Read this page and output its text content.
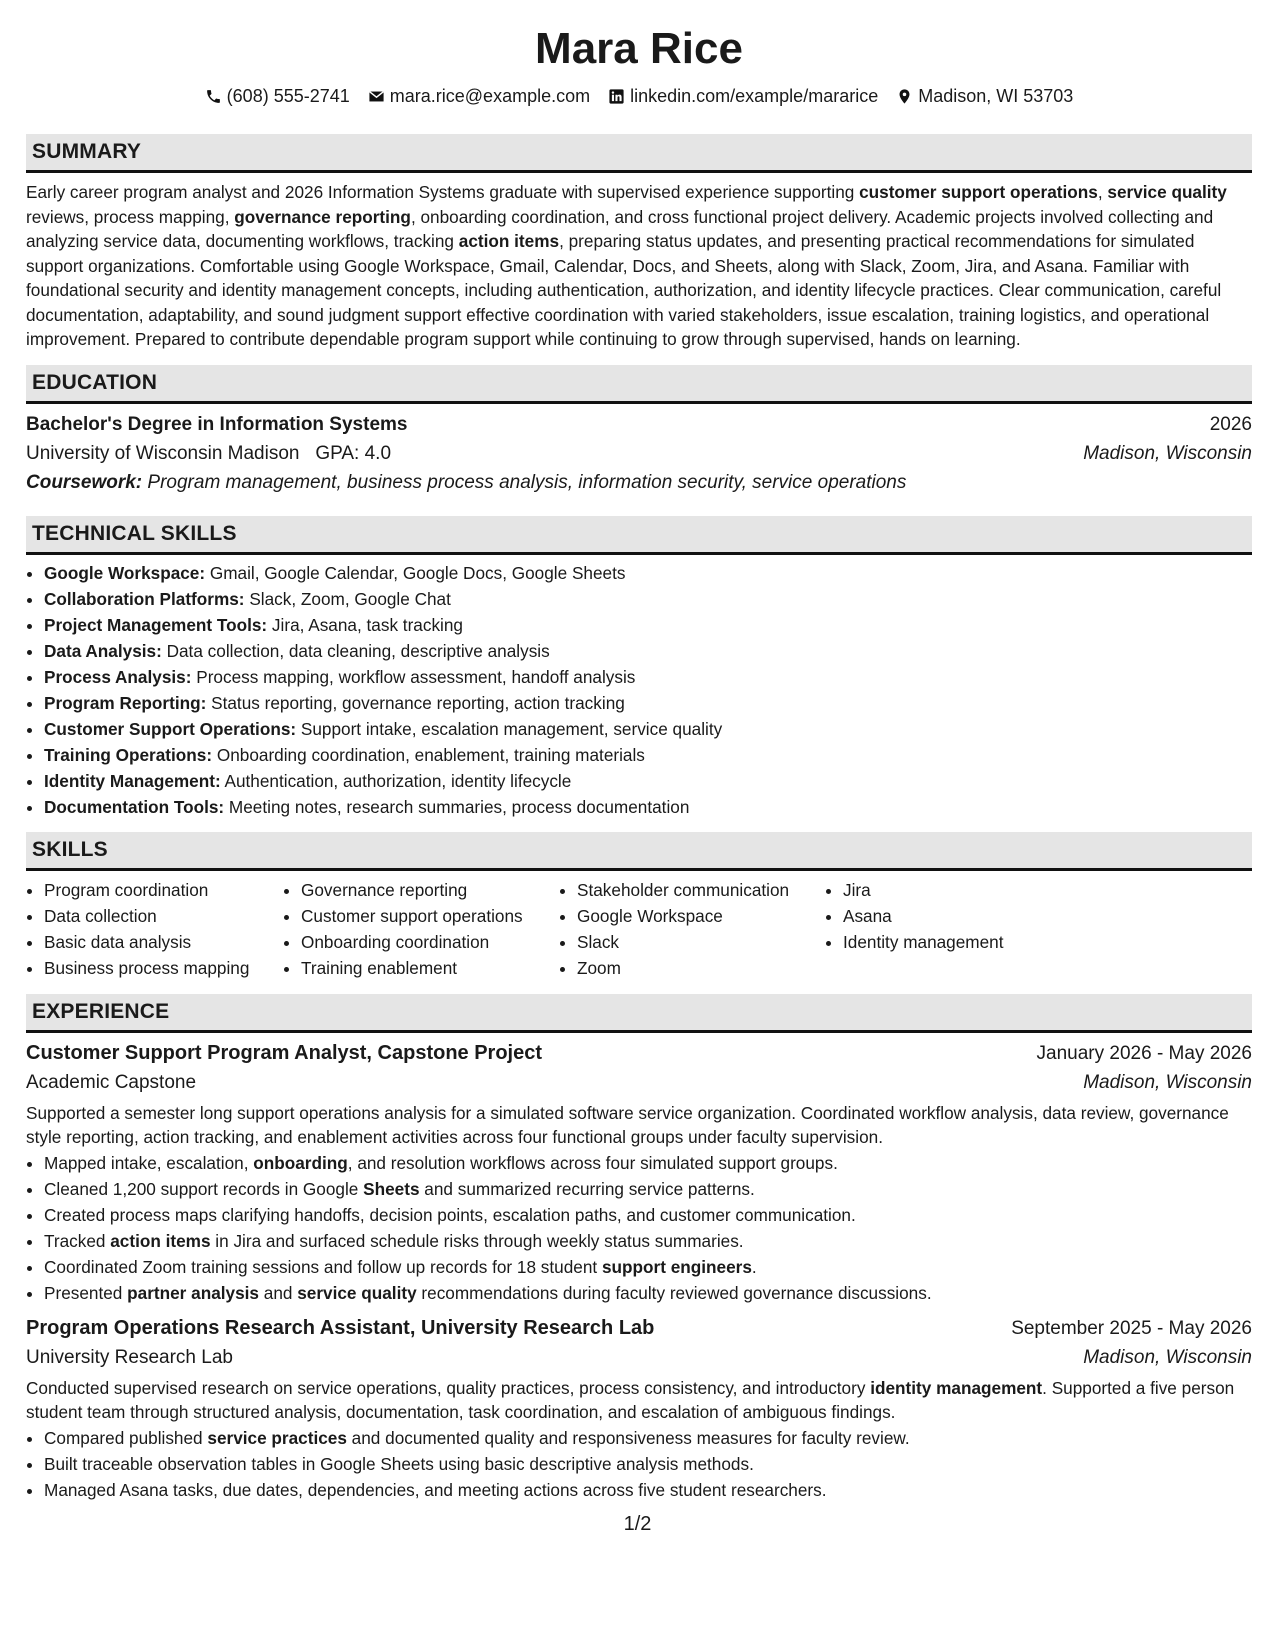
Mara Rice
(608) 555-2741 mara.rice@example.com linkedin.com/example/mararice Madison, WI 53703
SUMMARY

Early career program analyst and 2026 Information Systems graduate with supervised experience supporting customer support operations, service quality reviews, process mapping, governance reporting, onboarding coordination, and cross functional project delivery. Academic projects involved collecting and analyzing service data, documenting workflows, tracking action items, preparing status updates, and presenting practical recommendations for simulated support organizations. Comfortable using Google Workspace, Gmail, Calendar, Docs, and Sheets, along with Slack, Zoom, Jira, and Asana. Familiar with foundational security and identity management concepts, including authentication, authorization, and identity lifecycle practices. Clear communication, careful documentation, adaptability, and sound judgment support effective coordination with varied stakeholders, issue escalation, training logistics, and operational improvement. Prepared to contribute dependable program support while continuing to grow through supervised, hands on learning.

EDUCATION
Bachelor's Degree in Information Systems	2026
University of Wisconsin Madison GPA: 4.0	Madison, Wisconsin
Coursework: Program management, business process analysis, information security, service operations
TECHNICAL SKILLS
• Google Workspace: Gmail, Google Calendar, Google Docs, Google Sheets
• Collaboration Platforms: Slack, Zoom, Google Chat
• Project Management Tools: Jira, Asana, task tracking
• Data Analysis: Data collection, data cleaning, descriptive analysis
• Process Analysis: Process mapping, workflow assessment, handoff analysis
• Program Reporting: Status reporting, governance reporting, action tracking
• Customer Support Operations: Support intake, escalation management, service quality
• Training Operations: Onboarding coordination, enablement, training materials
• Identity Management: Authentication, authorization, identity lifecycle
• Documentation Tools: Meeting notes, research summaries, process documentation
SKILLS
• Program coordination
• Data collection
• Basic data analysis
• Business process mapping
• Governance reporting
• Customer support operations
• Onboarding coordination
• Training enablement
• Stakeholder communication
• Google Workspace
• Slack
• Zoom
• Jira
• Asana
• Identity management
EXPERIENCE
Customer Support Program Analyst, Capstone Project	January 2026 - May 2026
Academic Capstone	Madison, Wisconsin

Supported a semester long support operations analysis for a simulated software service organization. Coordinated workflow analysis, data review, governance style reporting, action tracking, and enablement activities across four functional groups under faculty supervision.

• Mapped intake, escalation, onboarding, and resolution workflows across four simulated support groups.
• Cleaned 1,200 support records in Google Sheets and summarized recurring service patterns.
• Created process maps clarifying handoffs, decision points, escalation paths, and customer communication.
• Tracked action items in Jira and surfaced schedule risks through weekly status summaries.
• Coordinated Zoom training sessions and follow up records for 18 student support engineers.
• Presented partner analysis and service quality recommendations during faculty reviewed governance discussions.
Program Operations Research Assistant, University Research Lab	September 2025 - May 2026
University Research Lab	Madison, Wisconsin

Conducted supervised research on service operations, quality practices, process consistency, and introductory identity management. Supported a five person student team through structured analysis, documentation, task coordination, and escalation of ambiguous findings.

• Compared published service practices and documented quality and responsiveness measures for faculty review.
• Built traceable observation tables in Google Sheets using basic descriptive analysis methods.
• Managed Asana tasks, due dates, dependencies, and meeting actions across five student researchers.
1/2
